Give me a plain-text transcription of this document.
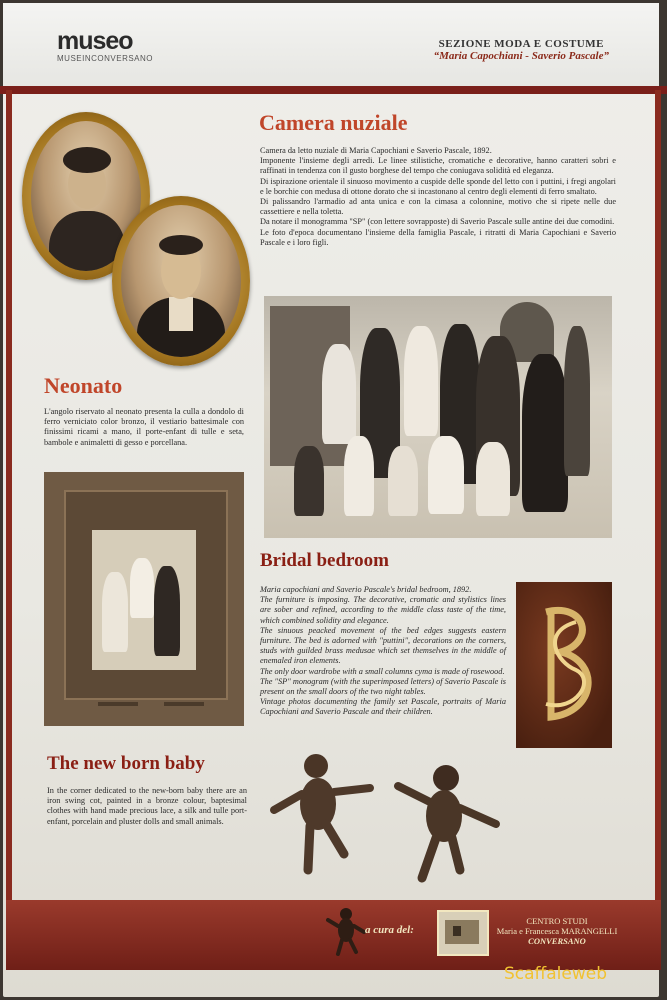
museo
MUSEINCONVERSANO
SEZIONE MODA E COSTUME
“Maria Capochiani - Saverio Pascale”
Camera nuziale

Camera da letto nuziale di Maria Capochiani e Saverio Pascale, 1892.

Imponente l'insieme degli arredi. Le linee stilistiche, cromatiche e decorative, hanno caratteri sobri e raffinati in tendenza con il gusto borghese del tempo che coniugava solidità ed eleganza.

Di ispirazione orientale il sinuoso movimento a cuspide delle sponde del letto con i puttini, i fregi angolari e le borchie con medusa di ottone dorato che si incastonano al centro degli elementi di ferro smaltato.

Di palissandro l'armadio ad anta unica e con la cimasa a colonnine, motivo che si ripete nelle due cassettiere e nella toletta.

Da notare il monogramma "SP" (con lettere sovrapposte) di Saverio Pascale sulle antine dei due comodini.

Le foto d'epoca documentano l'insieme della famiglia Pascale, i ritratti di Maria Capochiani e Saverio Pascale e i loro figli.

Neonato
L'angolo riservato al neonato presenta la culla a dondolo di ferro verniciato color bronzo, il vestiario battesimale con finissimi ricami a mano, il porte-enfant di tulle e seta, bambole e animaletti di gesso e porcellana.
Bridal bedroom

Maria capochiani and Saverio Pascale's bridal bedroom, 1892.

The furniture is imposing. The decorative, cromatic and stylistics lines are sober and refined, according to the middle class taste of the time, which combined solidity and elegance.

The sinuous peacked movement of the bed edges suggests eastern furniture. The bed is adorned with "puttini", decorations on the corners, studs with guilded brass medusae which set themselves in the middle of enemaled iron elements.

The only door wardrobe with a small columns cyma is made of rosewood.

The "SP" monogram (with the superimposed letters) of Saverio Pascale is present on the small doors of the two night tables.

Vintage photos documenting the family set Pascale, portraits of Maria Capochiani and Saverio Pascale and their children.

The new born baby
In the corner dedicated to the new-born baby there are an iron swing cot, painted in a bronze colour, baptesimal clothes with hand made precious lace, a silk and tulle port-enfant, porcelain and pluster dolls and small animals.
a cura del:
CENTRO STUDI
Maria e Francesca MARANGELLI
CONVERSANO
Scaffaleweb
